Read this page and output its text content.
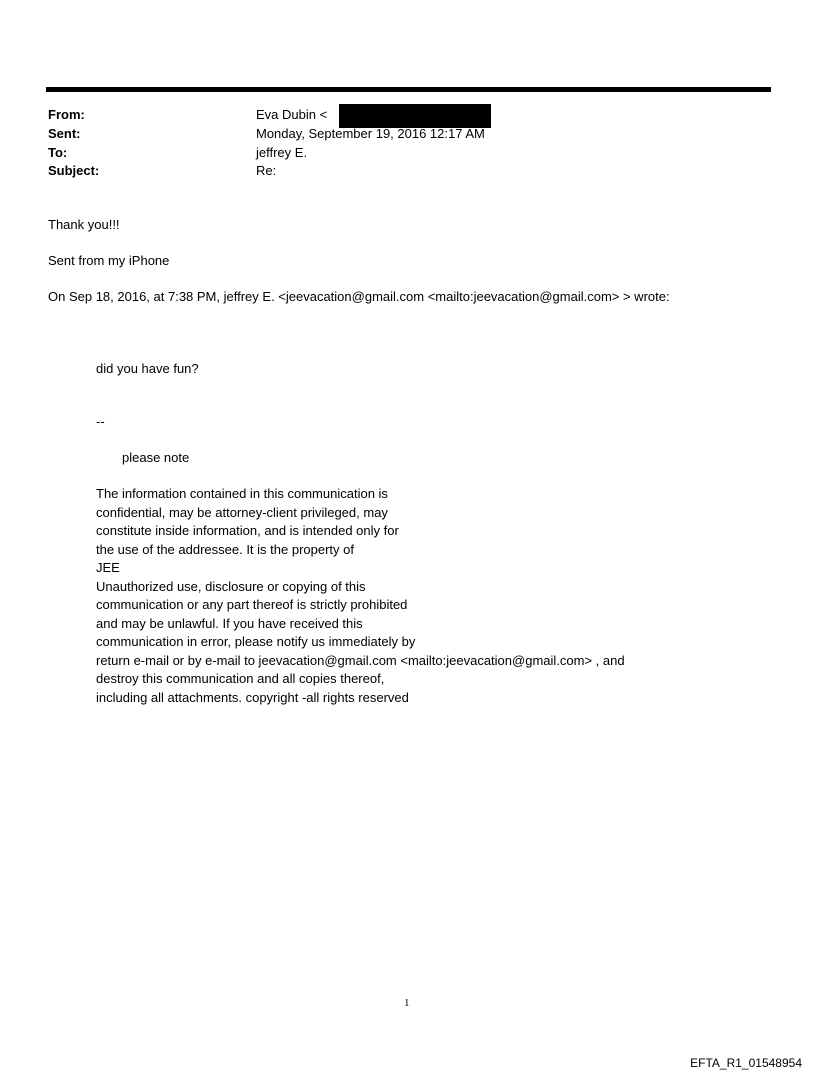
From:	Eva Dubin <
Sent:	Monday, September 19, 2016 12:17 AM
To:	jeffrey E.
Subject:	Re:
Thank you!!!
Sent from my iPhone
On Sep 18, 2016, at 7:38 PM, jeffrey E. <jeevacation@gmail.com <mailto:jeevacation@gmail.com> > wrote:
did you have fun?
--
please note
The information contained in this communication is
confidential, may be attorney-client privileged, may
constitute inside information, and is intended only for
the use of the addressee. It is the property of
JEE
Unauthorized use, disclosure or copying of this
communication or any part thereof is strictly prohibited
and may be unlawful. If you have received this
communication in error, please notify us immediately by
return e-mail or by e-mail to jeevacation@gmail.com <mailto:jeevacation@gmail.com> , and
destroy this communication and all copies thereof,
including all attachments. copyright -all rights reserved
1
EFTA_R1_01548954
